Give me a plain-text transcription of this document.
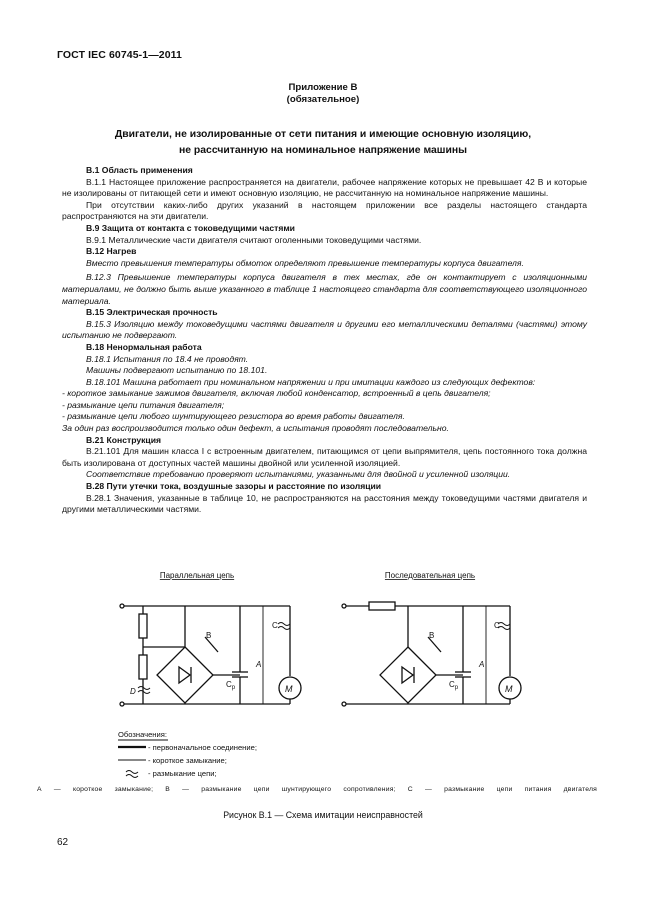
ГОСТ IEC 60745-1—2011
Приложение В
(обязательное)
Двигатели, не изолированные от сети питания и имеющие основную изоляцию,
не рассчитанную на номинальное напряжение машины

В.1 Область применения

В.1.1 Настоящее приложение распространяется на двигатели, рабочее напряжение которых не превышает 42 В и которые не изолированы от питающей сети и имеют основную изоляцию, не рассчитанную на номинальное напряжение машины.

При отсутствии каких-либо других указаний в настоящем приложении все разделы настоящего стандарта распространяются на эти двигатели.

В.9 Защита от контакта с токоведущими частями

В.9.1 Металлические части двигателя считают оголенными токоведущими частями.

В.12 Нагрев

Вместо превышения температуры обмоток определяют превышение температуры корпуса двигателя.

В.12.3 Превышение температуры корпуса двигателя в тех местах, где он контактирует с изоляционными материалами, не должно быть выше указанного в таблице 1 настоящего стандарта для соответствующего изоляционного материала.

В.15 Электрическая прочность

В.15.3 Изоляцию между токоведущими частями двигателя и другими его металлическими деталями (частями) этому испытанию не подвергают.

В.18 Ненормальная работа

В.18.1 Испытания по 18.4 не проводят.

Машины подвергают испытанию по 18.101.

В.18.101 Машина работает при номинальном напряжении и при имитации каждого из следующих дефектов:

- короткое замыкание зажимов двигателя, включая любой конденсатор, встроенный в цепь двигателя;

- размыкание цепи питания двигателя;

- размыкание цепи любого шунтирующего резистора во время работы двигателя.

За один раз воспроизводится только один дефект, а испытания проводят последовательно.

В.21 Конструкция

В.21.101 Для машин класса I с встроенным двигателем, питающимся от цепи выпрямителя, цепь постоянного тока должна быть изолирована от доступных частей машины двойной или усиленной изоляцией.

Соответствие требованию проверяют испытаниями, указанными для двойной и усиленной изоляции.

В.28 Пути утечки тока, воздушные зазоры и расстояние по изоляции

В.28.1 Значения, указанные в таблице 10, не распространяются на расстояния между токоведущими частями двигателя и другими металлическими частями.

Параллельная цепь	Последовательная цепь
B
C
A
D
$C_p$	M
B
C
A
$C_p$	M
Обозначения:
- первоначальное соединение;
- короткое замыкание;
- размыкание цепи;
А — короткое замыкание; В — размыкание цепи шунтирующего сопротивления; С — размыкание цепи питания двигателя
Рисунок В.1 — Схема имитации неисправностей
62
